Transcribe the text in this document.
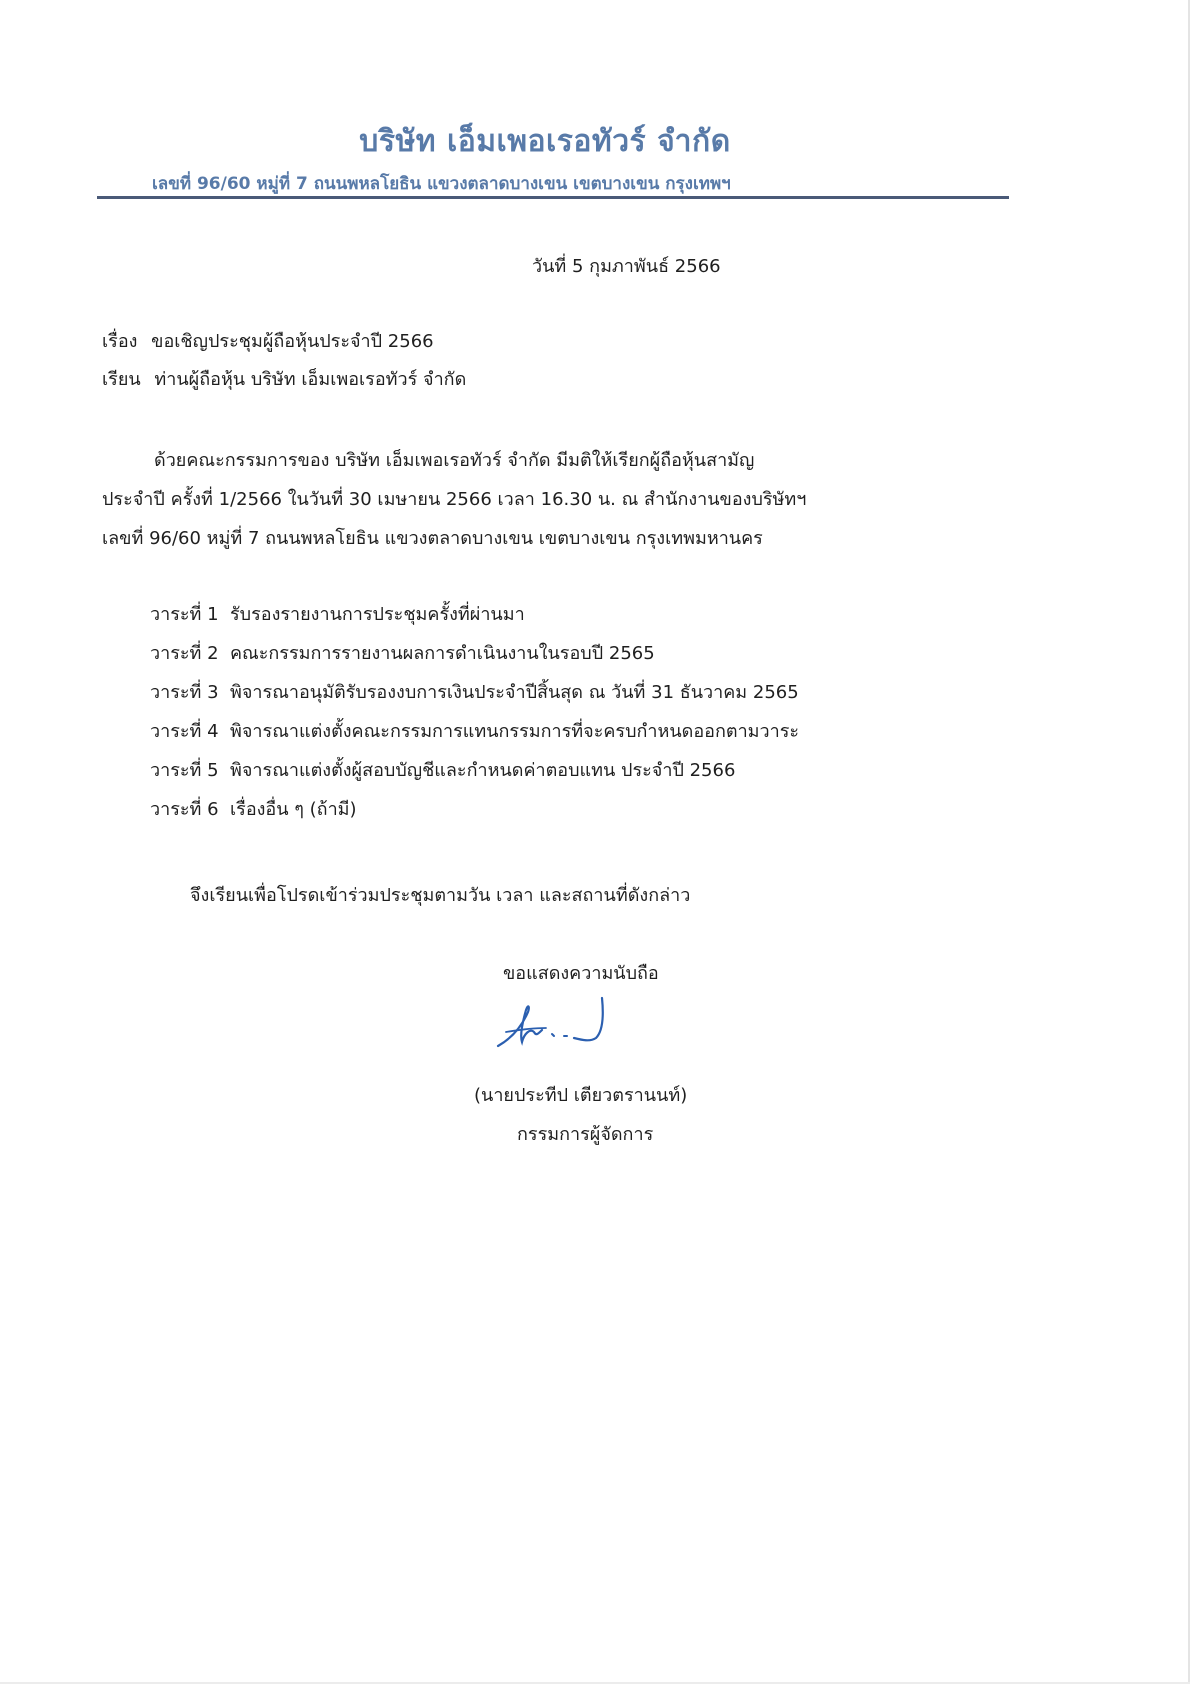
บริษัท เอ็มเพอเรอทัวร์ จำกัด
เลขที่ 96/60 หมู่ที่ 7 ถนนพหลโยธิน แขวงตลาดบางเขน เขตบางเขน กรุงเทพฯ
วันที่ 5 กุมภาพันธ์ 2566
เรื่อง ขอเชิญประชุมผู้ถือหุ้นประจำปี 2566
เรียน ท่านผู้ถือหุ้น บริษัท เอ็มเพอเรอทัวร์ จำกัด
ด้วยคณะกรรมการของ บริษัท เอ็มเพอเรอทัวร์ จำกัด มีมติให้เรียกผู้ถือหุ้นสามัญ
ประจำปี ครั้งที่ 1/2566 ในวันที่ 30 เมษายน 2566 เวลา 16.30 น. ณ สำนักงานของบริษัทฯ
เลขที่ 96/60 หมู่ที่ 7 ถนนพหลโยธิน แขวงตลาดบางเขน เขตบางเขน กรุงเทพมหานคร
วาระที่ 1 รับรองรายงานการประชุมครั้งที่ผ่านมา
วาระที่ 2 คณะกรรมการรายงานผลการดำเนินงานในรอบปี 2565
วาระที่ 3 พิจารณาอนุมัติรับรองงบการเงินประจำปีสิ้นสุด ณ วันที่ 31 ธันวาคม 2565
วาระที่ 4 พิจารณาแต่งตั้งคณะกรรมการแทนกรรมการที่จะครบกำหนดออกตามวาระ
วาระที่ 5 พิจารณาแต่งตั้งผู้สอบบัญชีและกำหนดค่าตอบแทน ประจำปี 2566
วาระที่ 6 เรื่องอื่น ๆ (ถ้ามี)
จึงเรียนเพื่อโปรดเข้าร่วมประชุมตามวัน เวลา และสถานที่ดังกล่าว
ขอแสดงความนับถือ
(นายประทีป เตียวตรานนท์)
กรรมการผู้จัดการ
